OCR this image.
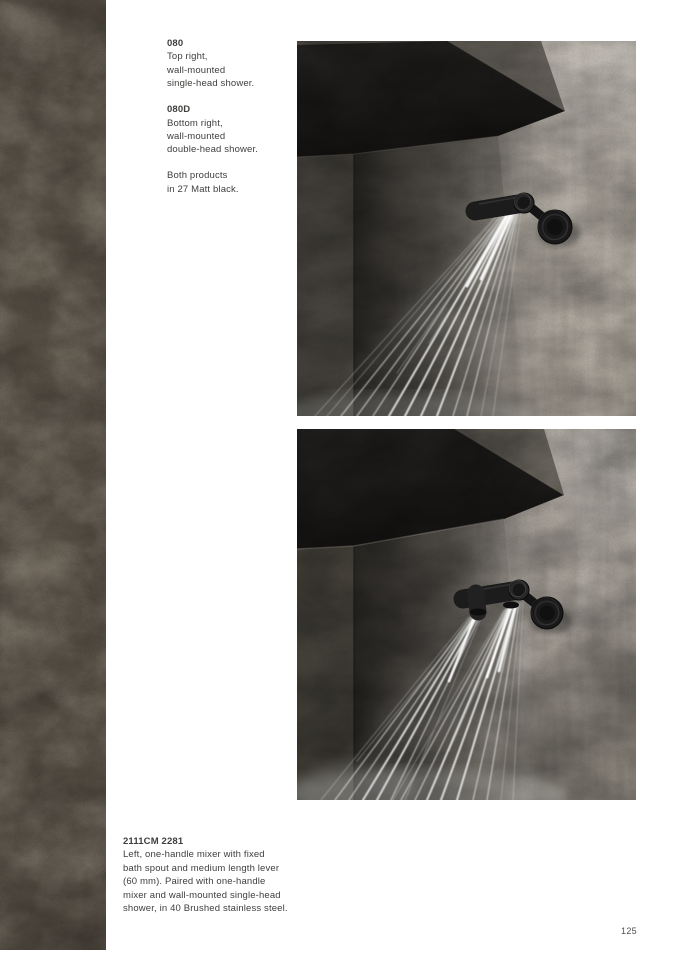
080

Top right,

wall-mounted

single-head shower.

080D

Bottom right,

wall-mounted

double-head shower.

Both products

in 27 Matt black.

2111CM 2281

Left, one-handle mixer with fixed

bath spout and medium length lever

(60 mm). Paired with one-handle

mixer and wall-mounted single-head

shower, in 40 Brushed stainless steel.

125
